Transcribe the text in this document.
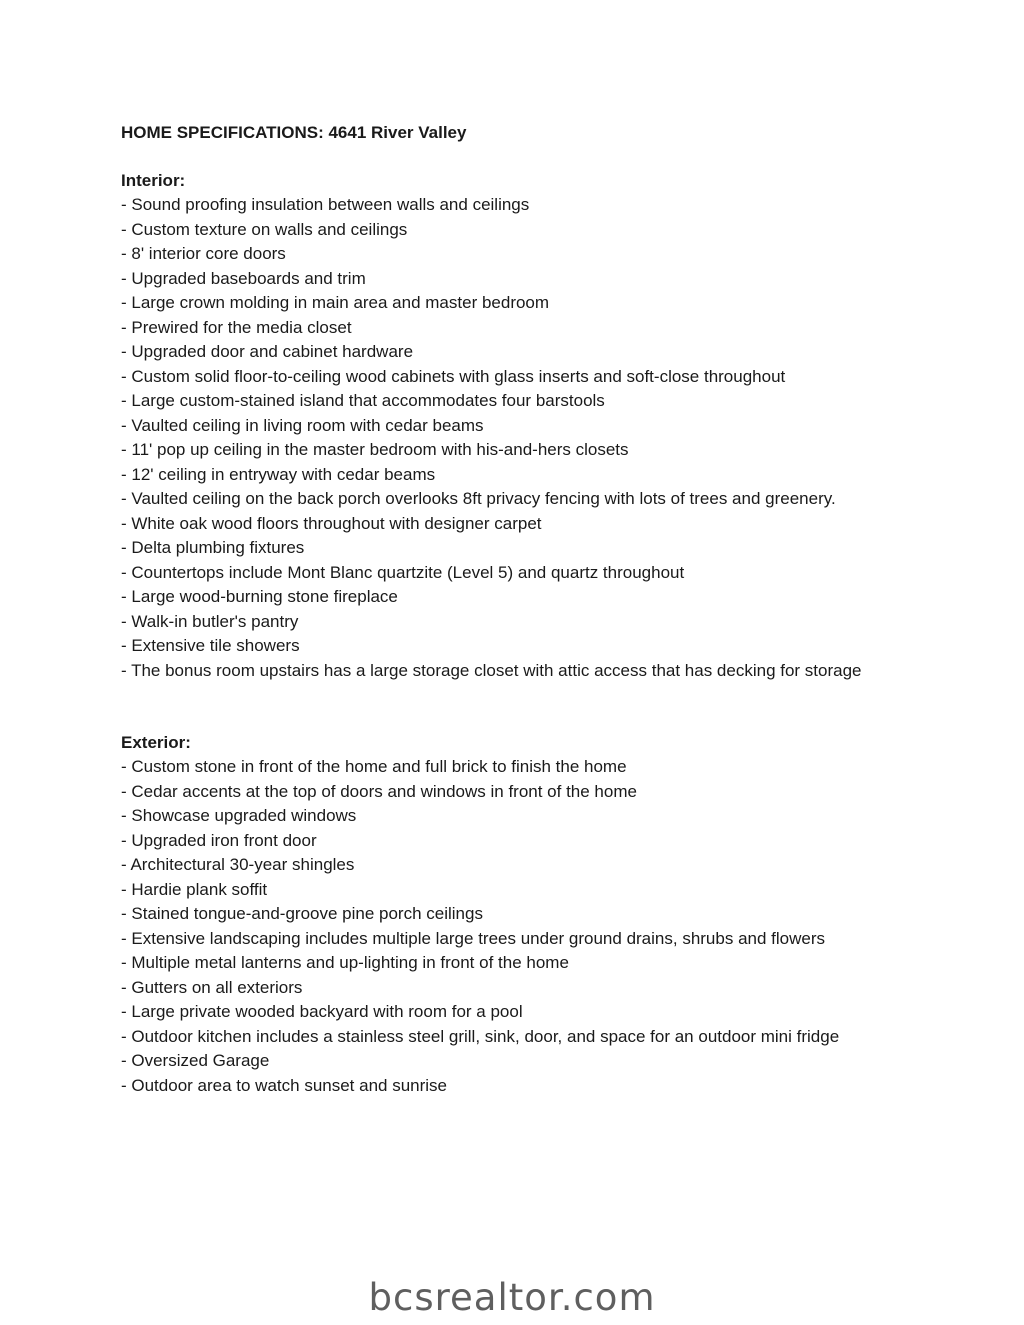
HOME SPECIFICATIONS: 4641 River Valley

Interior:

- Sound proofing insulation between walls and ceilings
- Custom texture on walls and ceilings
- 8' interior core doors
- Upgraded baseboards and trim
- Large crown molding in main area and master bedroom
- Prewired for the media closet
- Upgraded door and cabinet hardware
- Custom solid floor-to-ceiling wood cabinets with glass inserts and soft-close throughout
- Large custom-stained island that accommodates four barstools
- Vaulted ceiling in living room with cedar beams
- 11' pop up ceiling in the master bedroom with his-and-hers closets
- 12' ceiling in entryway with cedar beams
- Vaulted ceiling on the back porch overlooks 8ft privacy fencing with lots of trees and greenery.
- White oak wood floors throughout with designer carpet
- Delta plumbing fixtures
- Countertops include Mont Blanc quartzite (Level 5) and quartz throughout
- Large wood-burning stone fireplace
- Walk-in butler's pantry
- Extensive tile showers
- The bonus room upstairs has a large storage closet with attic access that has decking for storage

Exterior:

- Custom stone in front of the home and full brick to finish the home
- Cedar accents at the top of doors and windows in front of the home
- Showcase upgraded windows
- Upgraded iron front door
- Architectural 30-year shingles
- Hardie plank soffit
- Stained tongue-and-groove pine porch ceilings
- Extensive landscaping includes multiple large trees under ground drains, shrubs and flowers
- Multiple metal lanterns and up-lighting in front of the home
- Gutters on all exteriors
- Large private wooded backyard with room for a pool
- Outdoor kitchen includes a stainless steel grill, sink, door, and space for an outdoor mini fridge
- Oversized Garage
- Outdoor area to watch sunset and sunrise
bcsrealtor.com
